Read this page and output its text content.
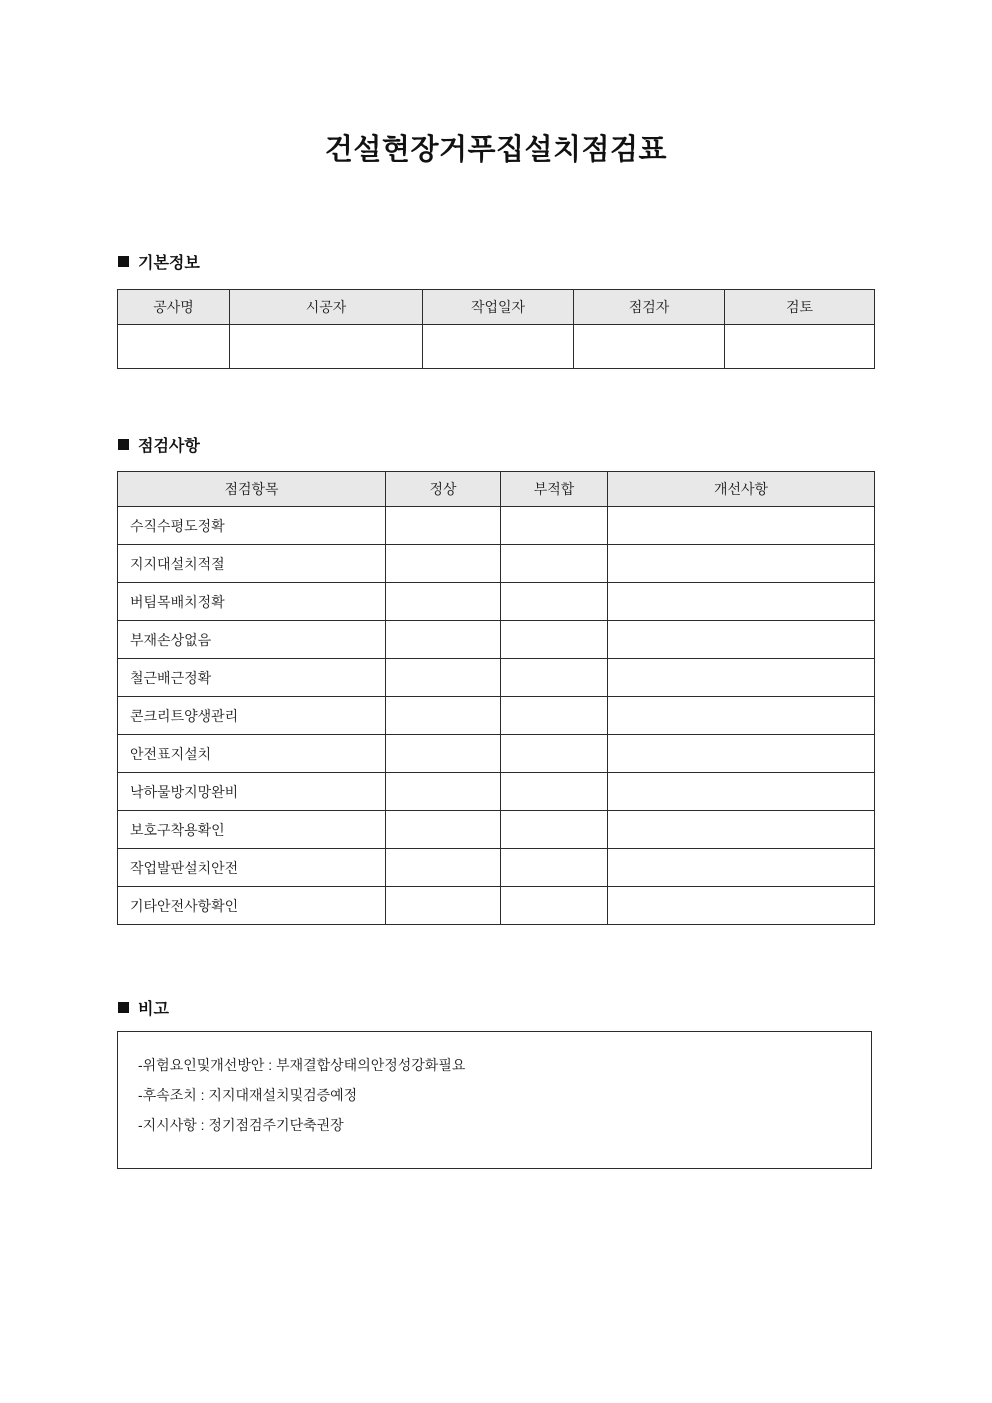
건설현장거푸집설치점검표
기본정보
공사명	시공자	작업일자	점검자	검토

점검사항
점검항목	정상	부적합	개선사항
수직수평도정확			
지지대설치적절			
버팀목배치정확			
부재손상없음			
철근배근정확			
콘크리트양생관리			
안전표지설치			
낙하물방지망완비			
보호구착용확인			
작업발판설치안전			
기타안전사항확인			
비고
-위험요인및개선방안 : 부재결합상태의안정성강화필요
-후속조치 : 지지대재설치및검증예정
-지시사항 : 정기점검주기단축권장
